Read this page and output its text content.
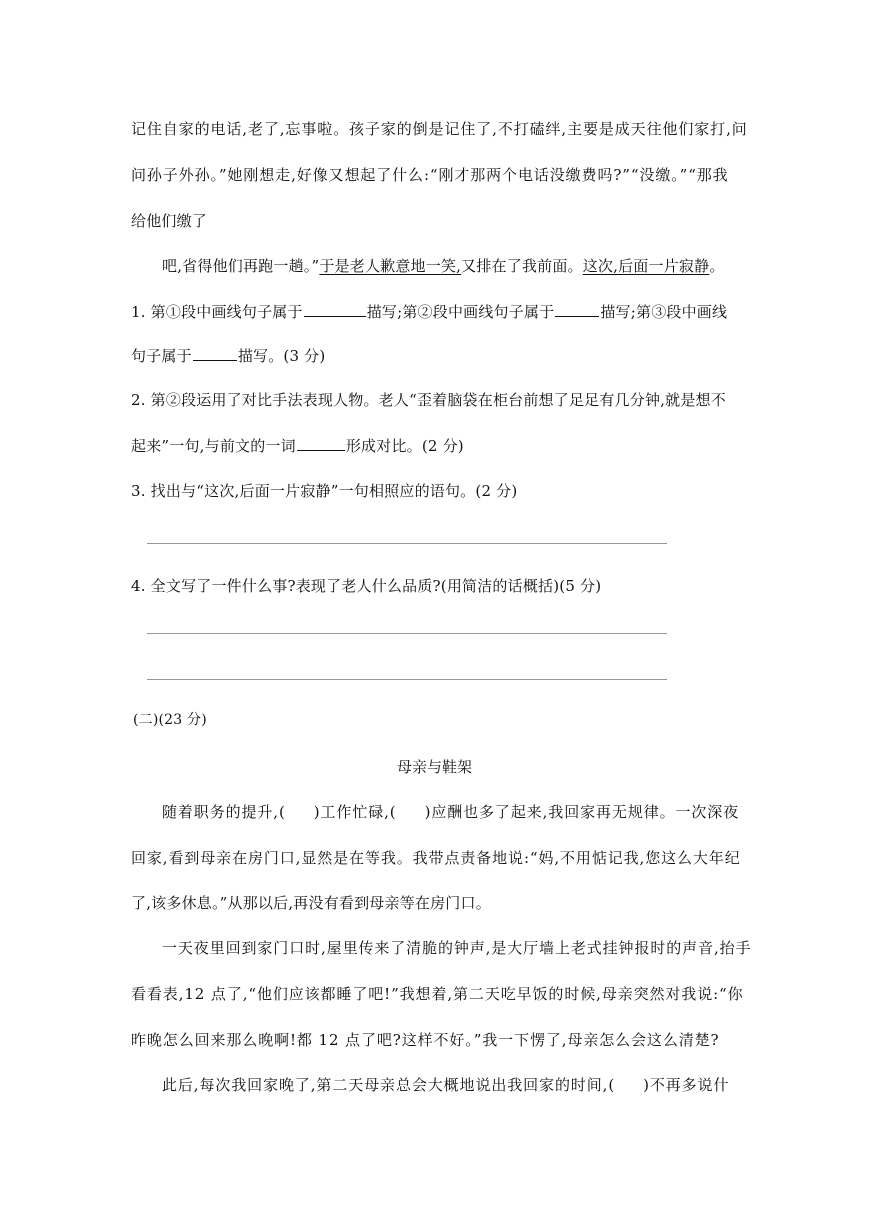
记住自家的电话,老了,忘事啦。孩子家的倒是记住了,不打磕绊,主要是成天往他们家打,问
问孙子外孙。”她刚想走,好像又想起了什么:“刚才那两个电话没缴费吗?”“没缴。”“那我
给他们缴了
吧,省得他们再跑一趟。”于是老人歉意地一笑,又排在了我前面。这次,后面一片寂静。
1. 第①段中画线句子属于	描写;第②段中画线句子属于	描写;第③段中画线
句子属于	描写。(3 分)
2. 第②段运用了对比手法表现人物。老人“歪着脑袋在柜台前想了足足有几分钟,就是想不
起来”一句,与前文的一词	形成对比。(2 分)
3. 找出与“这次,后面一片寂静”一句相照应的语句。(2 分)
4. 全文写了一件什么事?表现了老人什么品质?(用简洁的话概括)(5 分)
(二)(23 分)
母亲与鞋架
随着职务的提升,( )工作忙碌,( )应酬也多了起来,我回家再无规律。一次深夜
回家,看到母亲在房门口,显然是在等我。我带点责备地说:“妈,不用惦记我,您这么大年纪
了,该多休息。”从那以后,再没有看到母亲等在房门口。
一天夜里回到家门口时,屋里传来了清脆的钟声,是大厅墙上老式挂钟报时的声音,抬手
看看表,12 点了,“他们应该都睡了吧!”我想着,第二天吃早饭的时候,母亲突然对我说:“你
昨晚怎么回来那么晚啊!都 12 点了吧?这样不好。”我一下愣了,母亲怎么会这么清楚?
此后,每次我回家晚了,第二天母亲总会大概地说出我回家的时间,( )不再多说什
